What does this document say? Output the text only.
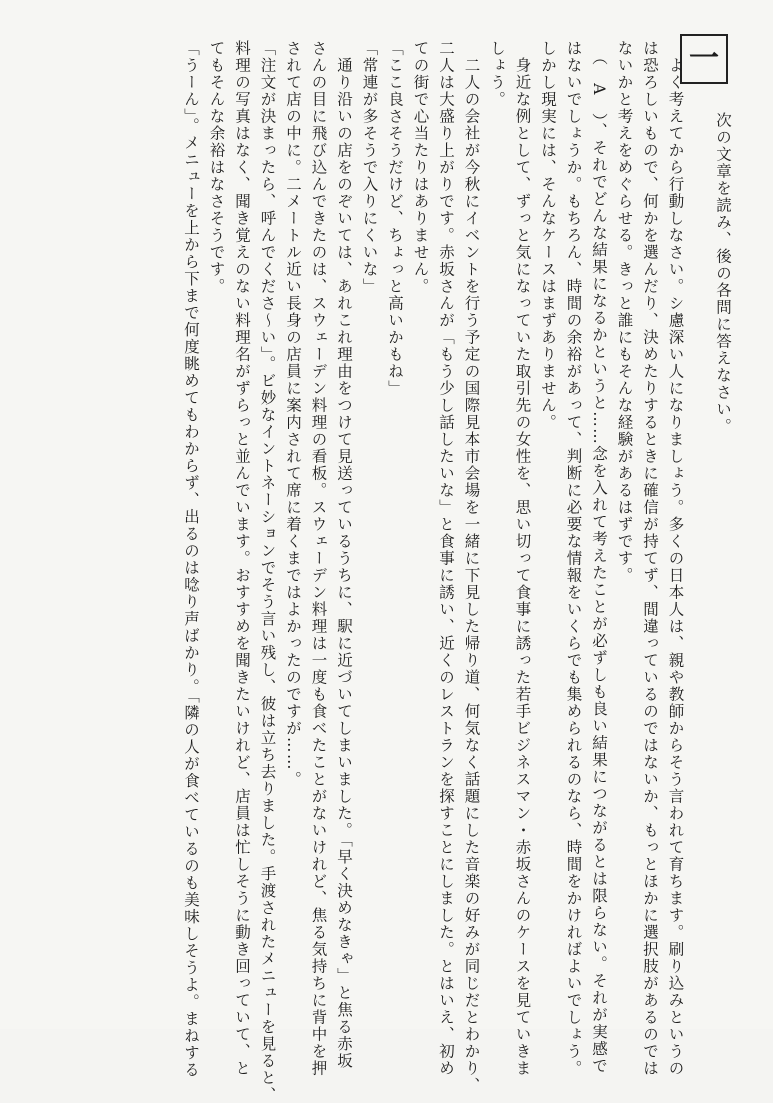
一

次の文章を読み、後の各問に答えなさい。

　よく考えてから行動しなさい。シ慮深い人になりましょう。多くの日本人は、親や教師からそう言われて育ちます。刷り込みというの

は恐ろしいもので、何かを選んだり、決めたりするときに確信が持てず、間違っているのではないか、もっとほかに選択肢があるのでは

ないかと考えをめぐらせる。きっと誰にもそんな経験があるはずです。

　（　A　）、それでどんな結果になるかというと……念を入れて考えたことが必ずしも良い結果につながるとは限らない。それが実感で

はないでしょうか。もちろん、時間の余裕があって、判断に必要な情報をいくらでも集められるのなら、時間をかければよいでしょう。

しかし現実には、そんなケースはまずありません。

　身近な例として、ずっと気になっていた取引先の女性を、思い切って食事に誘った若手ビジネスマン・赤坂さんのケースを見ていきま

しょう。

　二人の会社が今秋にイベントを行う予定の国際見本市会場を一緒に下見した帰り道、何気なく話題にした音楽の好みが同じだとわかり、

二人は大盛り上がりです。赤坂さんが「もう少し話したいな」と食事に誘い、近くのレストランを探すことにしました。とはいえ、初め

ての街で心当たりはありません。

「ここ良さそうだけど、ちょっと高いかもね」

「常連が多そうで入りにくいな」

　通り沿いの店をのぞいては、あれこれ理由をつけて見送っているうちに、駅に近づいてしまいました。「早く決めなきゃ」と焦る赤坂

さんの目に飛び込んできたのは、スウェーデン料理の看板。スウェーデン料理は一度も食べたことがないけれど、焦る気持ちに背中を押

されて店の中に。二メートル近い長身の店員に案内されて席に着くまではよかったのですが……。

「注文が決まったら、呼んでくださ～い」。ビ妙なイントネーションでそう言い残し、彼は立ち去りました。手渡されたメニューを見ると、

料理の写真はなく、聞き覚えのない料理名がずらっと並んでいます。おすすめを聞きたいけれど、店員は忙しそうに動き回っていて、と

てもそんな余裕はなさそうです。

「うーん」。メニューを上から下まで何度眺めてもわからず、出るのは唸り声ばかり。「隣の人が食べているのも美味しそうよ。まねする
